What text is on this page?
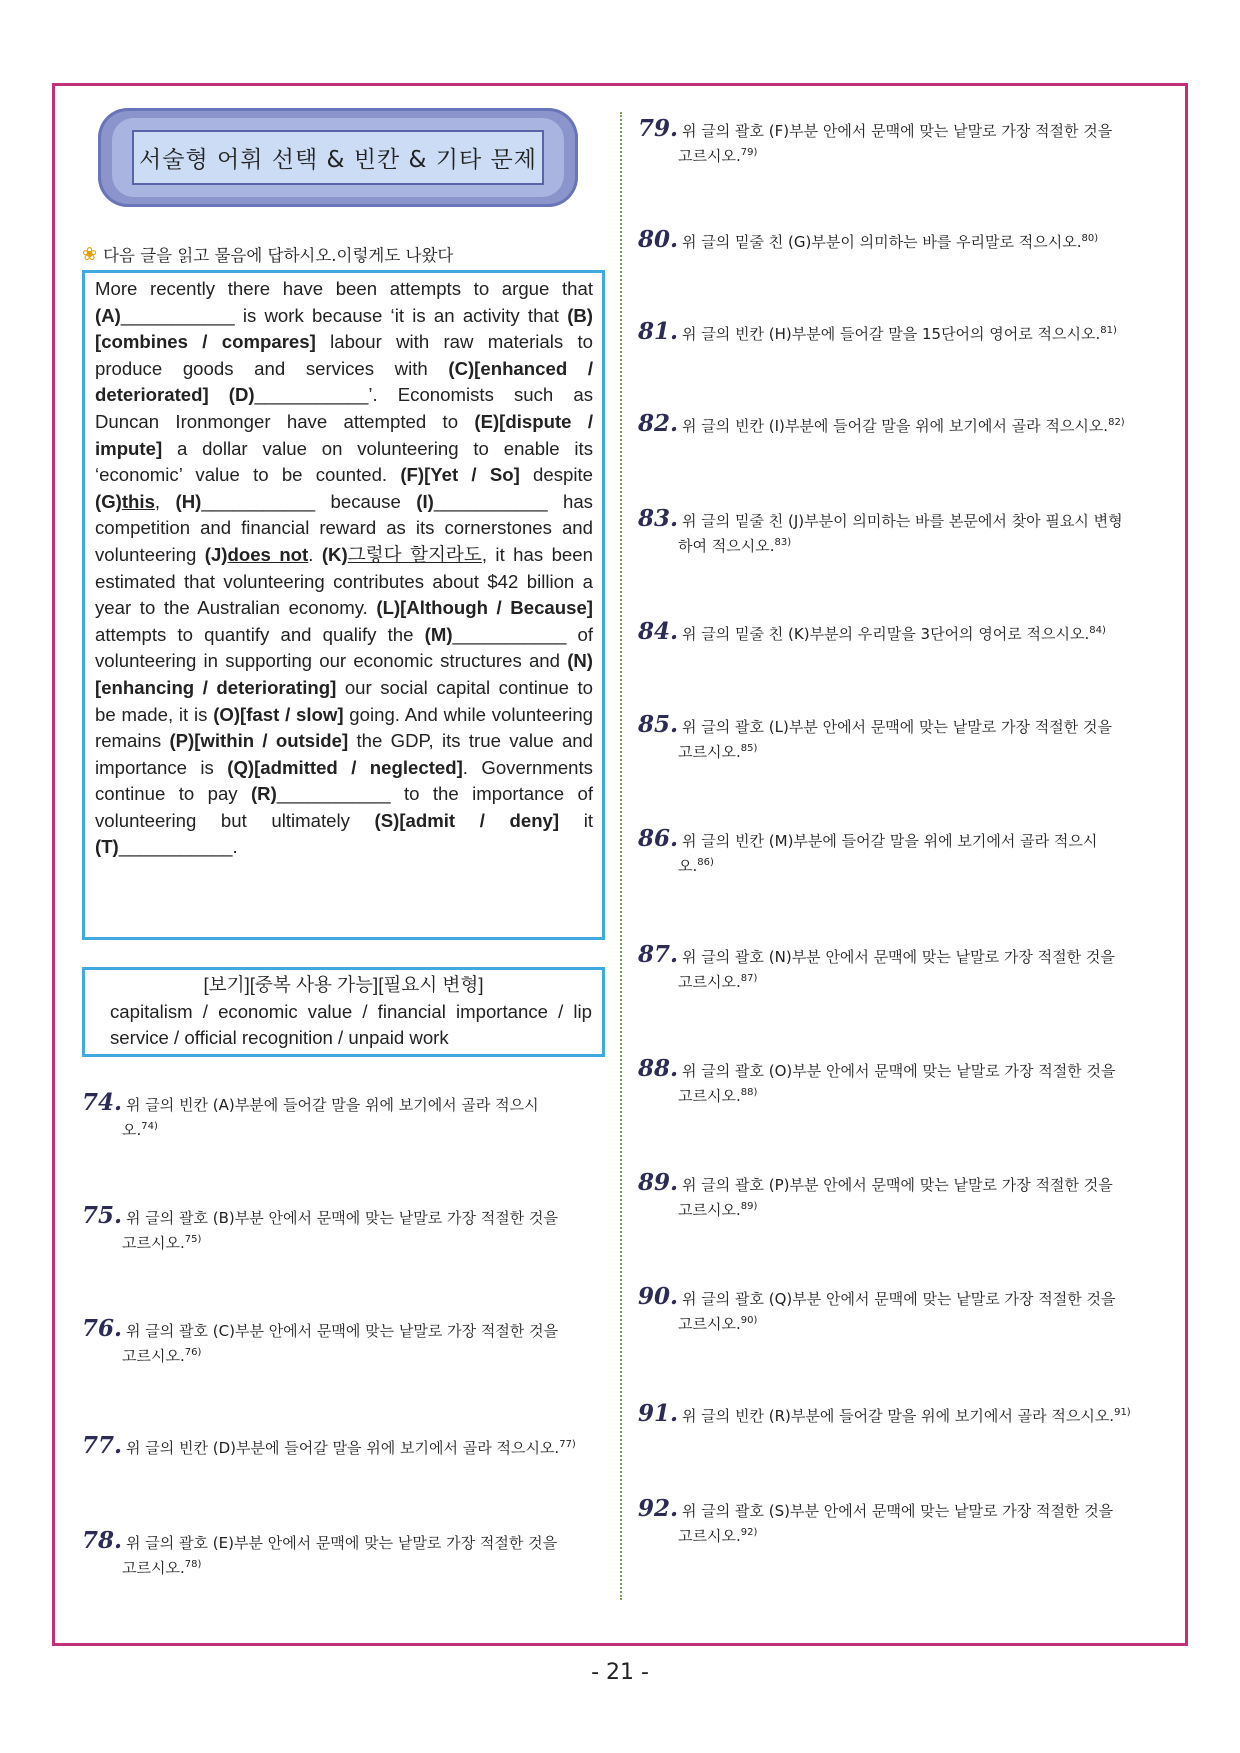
서술형 어휘 선택 & 빈칸 & 기타 문제
❀ 다음 글을 읽고 물음에 답하시오.이렇게도 나왔다
More recently there have been attempts to argue that (A)___________ is work because ‘it is an activity that (B)[combines / compares] labour with raw materials to produce goods and services with (C)[enhanced / deteriorated] (D)___________’. Economists such as Duncan Ironmonger have attempted to (E)[dispute / impute] a dollar value on volunteering to enable its ‘economic’ value to be counted. (F)[Yet / So] despite (G)this, (H)___________ because (I)___________ has competition and financial reward as its cornerstones and volunteering (J)does not. (K)그렇다 할지라도, it has been estimated that volunteering contributes about $42 billion a year to the Australian economy. (L)[Although / Because] attempts to quantify and qualify the (M)___________ of volunteering in supporting our economic structures and (N)[enhancing / deteriorating] our social capital continue to be made, it is (O)[fast / slow] going. And while volunteering remains (P)[within / outside] the GDP, its true value and importance is (Q)[admitted / neglected]. Governments continue to pay (R)___________ to the importance of volunteering but ultimately (S)[admit / deny] it (T)___________.
[보기][중복 사용 가능][필요시 변형]
capitalism / economic value / financial importance / lip service / official recognition / unpaid work
74. 위 글의 빈칸 (A)부분에 들어갈 말을 위에 보기에서 골라 적으시
오.$^{74)}$
75. 위 글의 괄호 (B)부분 안에서 문맥에 맞는 낱말로 가장 적절한 것을
고르시오.$^{75)}$
76. 위 글의 괄호 (C)부분 안에서 문맥에 맞는 낱말로 가장 적절한 것을
고르시오.$^{76)}$
77. 위 글의 빈칸 (D)부분에 들어갈 말을 위에 보기에서 골라 적으시오.$^{77)}$
78. 위 글의 괄호 (E)부분 안에서 문맥에 맞는 낱말로 가장 적절한 것을
고르시오.$^{78)}$
79. 위 글의 괄호 (F)부분 안에서 문맥에 맞는 낱말로 가장 적절한 것을
고르시오.$^{79)}$
80. 위 글의 밑줄 친 (G)부분이 의미하는 바를 우리말로 적으시오.$^{80)}$
81. 위 글의 빈칸 (H)부분에 들어갈 말을 15단어의 영어로 적으시오.$^{81)}$
82. 위 글의 빈칸 (I)부분에 들어갈 말을 위에 보기에서 골라 적으시오.$^{82)}$
83. 위 글의 밑줄 친 (J)부분이 의미하는 바를 본문에서 찾아 필요시 변형
하여 적으시오.$^{83)}$
84. 위 글의 밑줄 친 (K)부분의 우리말을 3단어의 영어로 적으시오.$^{84)}$
85. 위 글의 괄호 (L)부분 안에서 문맥에 맞는 낱말로 가장 적절한 것을
고르시오.$^{85)}$
86. 위 글의 빈칸 (M)부분에 들어갈 말을 위에 보기에서 골라 적으시
오.$^{86)}$
87. 위 글의 괄호 (N)부분 안에서 문맥에 맞는 낱말로 가장 적절한 것을
고르시오.$^{87)}$
88. 위 글의 괄호 (O)부분 안에서 문맥에 맞는 낱말로 가장 적절한 것을
고르시오.$^{88)}$
89. 위 글의 괄호 (P)부분 안에서 문맥에 맞는 낱말로 가장 적절한 것을
고르시오.$^{89)}$
90. 위 글의 괄호 (Q)부분 안에서 문맥에 맞는 낱말로 가장 적절한 것을
고르시오.$^{90)}$
91. 위 글의 빈칸 (R)부분에 들어갈 말을 위에 보기에서 골라 적으시오.$^{91)}$
92. 위 글의 괄호 (S)부분 안에서 문맥에 맞는 낱말로 가장 적절한 것을
고르시오.$^{92)}$
- 21 -
